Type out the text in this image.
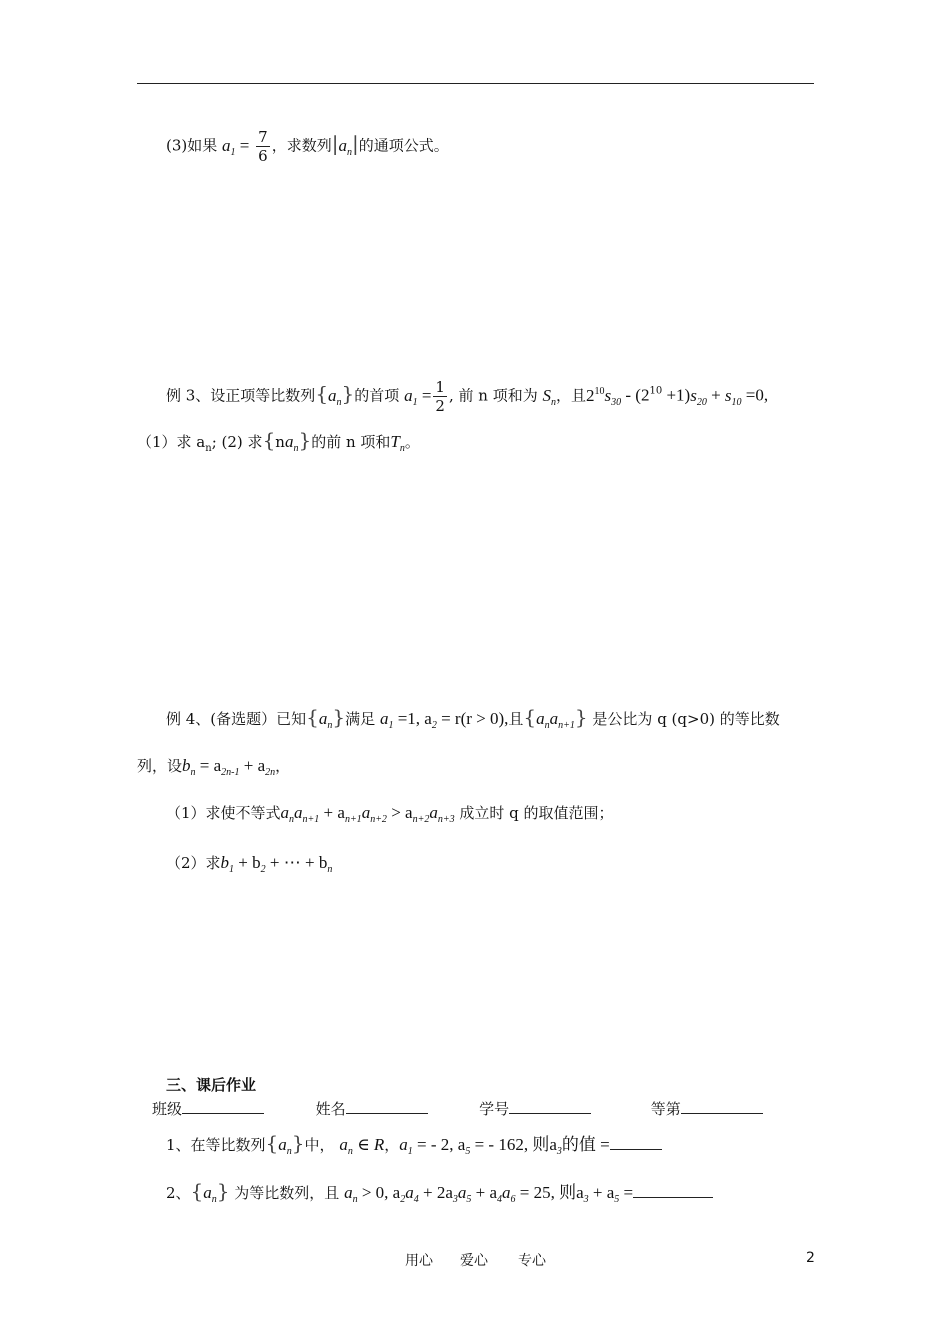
(3)如果 $a_1 = \frac{7}{6}$ ，求数列$|a_n|$的通项公式。
例 3、设正项等比数列$\{a_n\}$的首项 $a_1 = \frac{1}{2}$ , 前 n 项和为 $S_n$，且$2^{10}s_{30} - (2^{10} +1)s_{20} + s_{10} =0$,
（1）求 $a_n$; (2) 求$\{na_n\}$的前 n 项和$T_n$。
例 4、(备选题）已知$\{a_n\}$满足 $a_1 =1$, $a_2 = r(r > 0)$,且$\{a_na_{n+1}\}$ 是公比为 q (q>0) 的等比数
列，设$b_n = a_{2n-1} + a_{2n}$，
（1）求使不等式$a_na_{n+1} + a_{n+1}a_{n+2} > a_{n+2}a_{n+3}$ 成立时 q 的取值范围；
（2）求$b_1 + b_2$ + ⋯ + $b_n$
三、课后作业
班级	姓名	学号	等第
1、在等比数列$\{a_n\}$中， $a_n$ ∈ R，$a_1$ = - 2, $a_5$ = - 162, 则$a_3$的值 =
2、$\{a_n\}$ 为等比数列，且 $a_n > 0$, $a_2a_4 + 2a_3a_5 + a_4a_6 = 25$, 则$a_3 + a_5$ =
用心 爱心 专心	2
